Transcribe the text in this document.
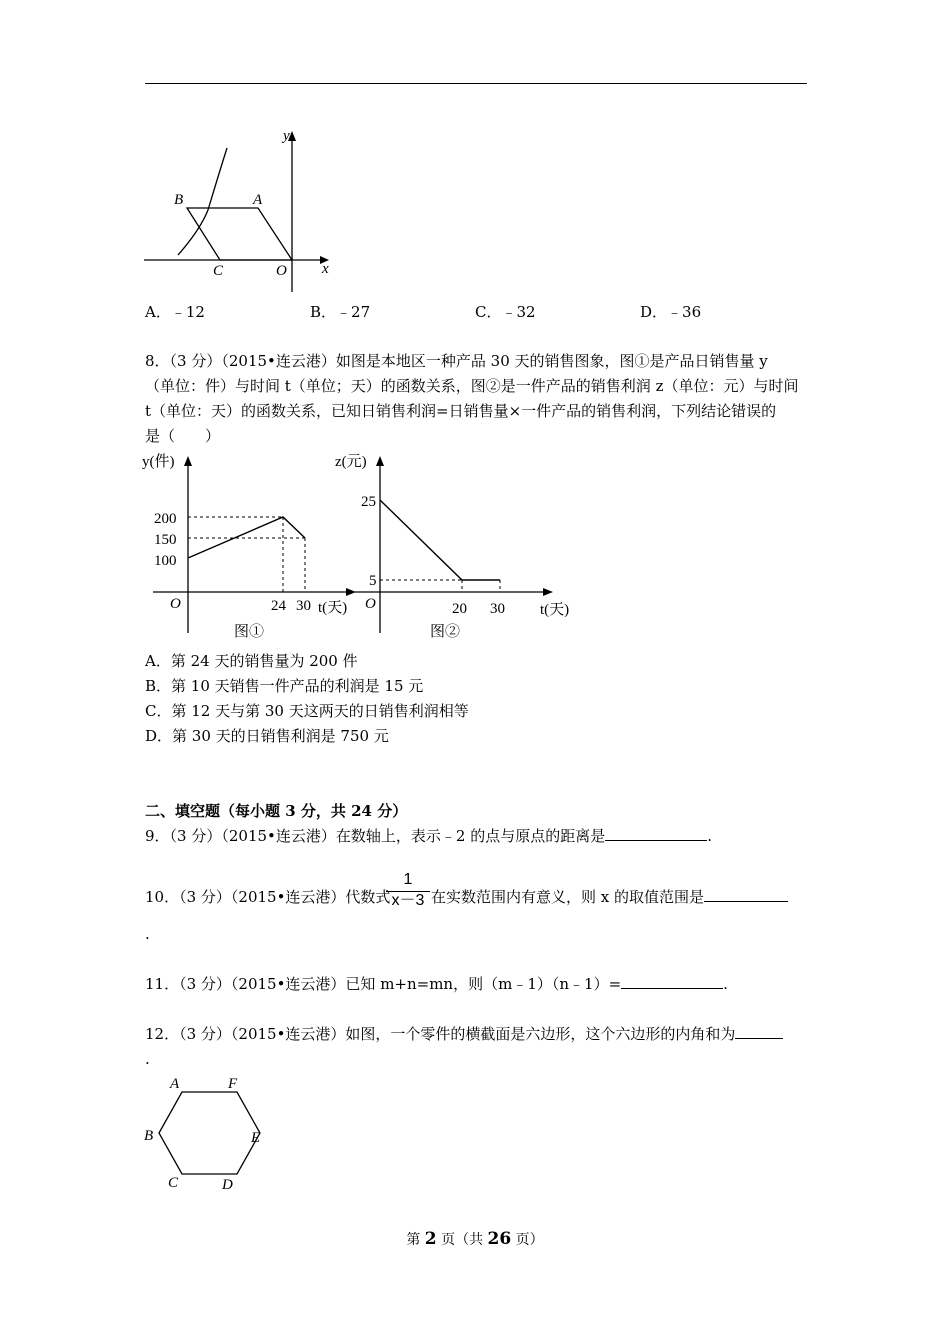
y
x
A
B
C	O
A．﹣12	B．﹣27	C．﹣32	D．﹣36
8．（3 分）（2015•连云港）如图是本地区一种产品 30 天的销售图象，图①是产品日销售量 y
（单位：件）与时间 t（单位；天）的函数关系，图②是一件产品的销售利润 z（单位：元）与时间
t（单位：天）的函数关系，已知日销售利润=日销售量×一件产品的销售利润，下列结论错误的
是（　　）
y(件)
200
150
100
O	24 30 t(天)
图①
z(元)
25
5
O	20 30 t(天)
图②
A．第 24 天的销售量为 200 件
B．第 10 天销售一件产品的利润是 15 元
C．第 12 天与第 30 天这两天的日销售利润相等
D．第 30 天的日销售利润是 750 元
二、填空题（每小题 3 分，共 24 分）
9．（3 分）（2015•连云港）在数轴上，表示﹣2 的点与原点的距离是	.
10．（3 分）（2015•连云港）代数式
$\frac{1}{x-3}$ 在实数范围内有意义，则 x 的取值范围是
.
11．（3 分）（2015•连云港）已知 m+n=mn，则（m﹣1）（n﹣1）=	.
12．（3 分）（2015•连云港）如图，一个零件的横截面是六边形，这个六边形的内角和为
.
A	F
B	E
C	D
第 2 页（共 26 页）
